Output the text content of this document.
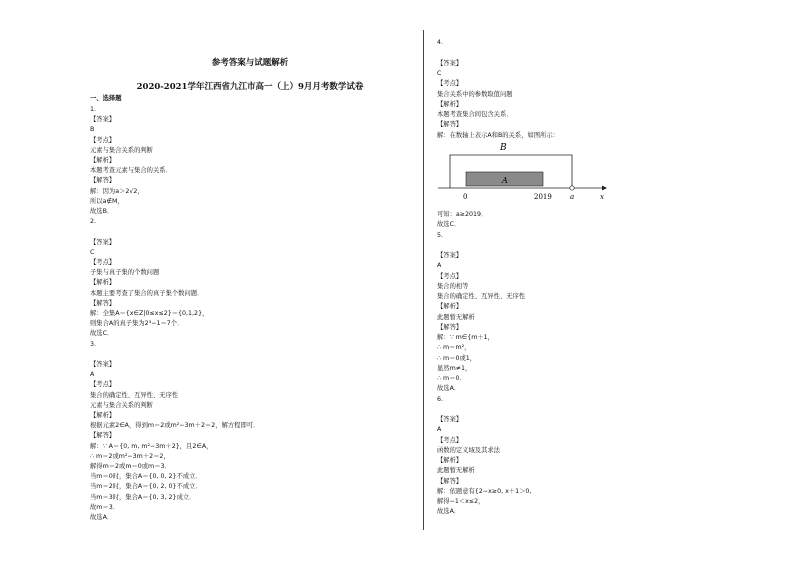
参考答案与试题解析
2020-2021学年江西省九江市高一（上）9月月考数学试卷
一、选择题
1.
【答案】
B
【考点】
元素与集合关系的判断
【解析】
本题考查元素与集合的关系．
【解答】
解：因为a＞2√2，
所以a∉M，
故选B．
2.
【答案】
C
【考点】
子集与真子集的个数问题
【解析】
本题主要考查了集合的真子集个数问题．
【解答】
解：全集A＝{x∈Z|0≤x≤2}＝{0,1,2}，
则集合A的真子集为2³−1＝7个．
故选C．
3.
【答案】
A
【考点】
集合的确定性、互异性、无序性
元素与集合关系的判断
【解析】
根据元素2∈A，得到m＝2或m²−3m＋2＝2，解方程即可．
【解答】
解：∵ A＝{0, m, m²−3m＋2}，且2∈A，
∴ m＝2或m²−3m＋2＝2，
解得m＝2或m＝0或m＝3．
当m＝0时，集合A＝{0, 0, 2}不成立．
当m＝2时，集合A＝{0, 2, 0}不成立．
当m＝3时，集合A＝{0, 3, 2}成立．
故m＝3．
故选A．
4.
【答案】
C
【考点】
集合关系中的参数取值问题
【解析】
本题考查集合间包含关系．
【解答】
解：在数轴上表示A和B的关系，如图所示：
可知：a≥2019．
故选C．
5.
【答案】
A
【考点】
集合的相等
集合的确定性、互异性、无序性
【解析】
此题暂无解析
【解答】
解：∵ m∈{m＋1，
∴ m＝m²，
∴ m＝0或1，
显然m≠1，
∴ m＝0．
故选A．
6.
【答案】
A
【考点】
函数的定义域及其求法
【解析】
此题暂无解析
【解答】
解：依题意有{2−x≥0, x＋1＞0,
解得−1＜x≤2，
故选A．
B
A
0	2019	a	x
